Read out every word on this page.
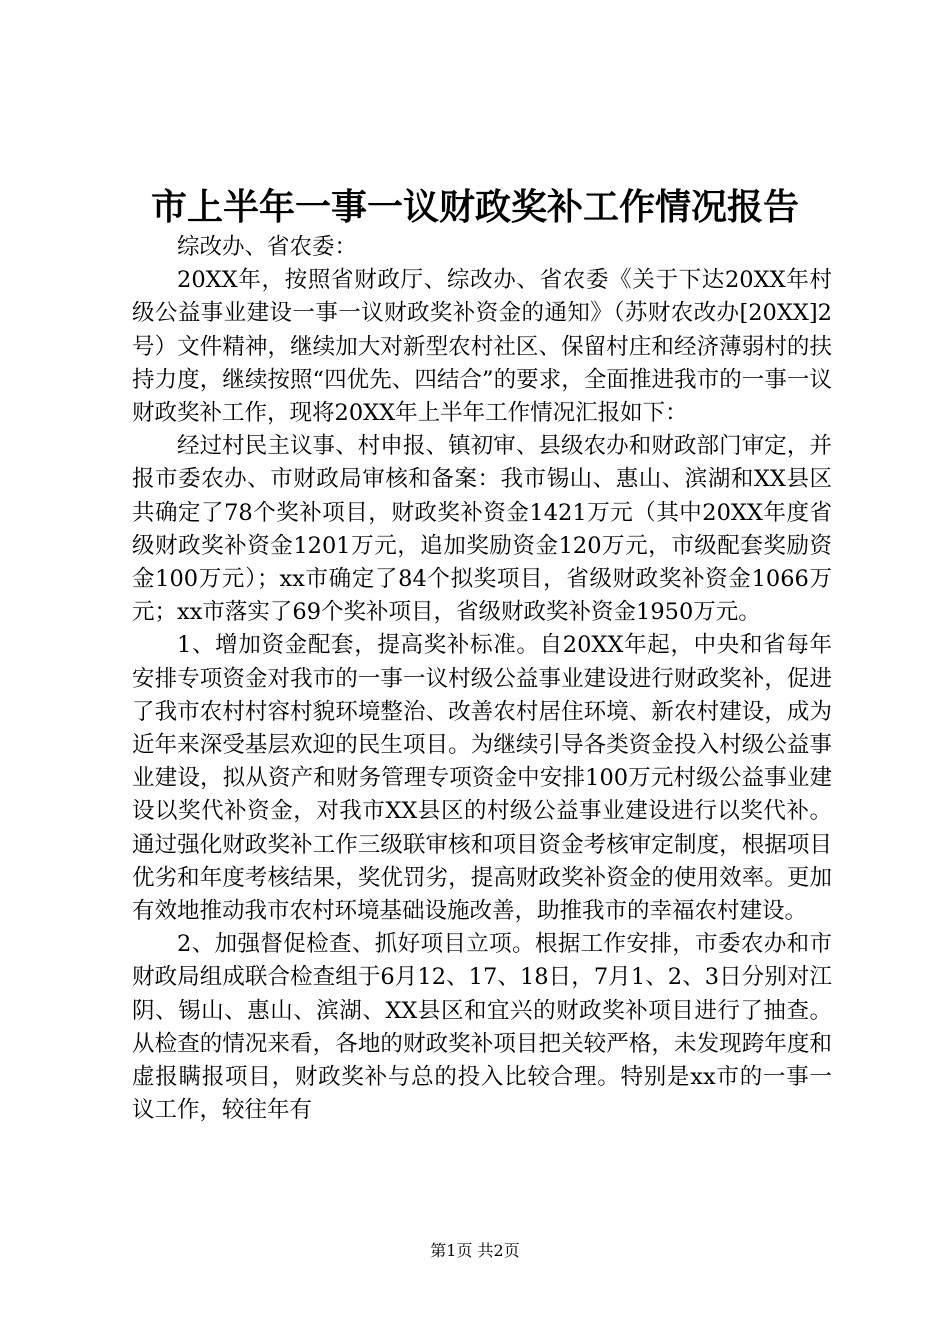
市上半年一事一议财政奖补工作情况报告

综改办、省农委：

20XX年，按照省财政厅、综改办、省农委《关于下达20XX年村级公益事业建设一事一议财政奖补资金的通知》（苏财农改办[20XX]2号）文件精神，继续加大对新型农村社区、保留村庄和经济薄弱村的扶持力度，继续按照“四优先、四结合”的要求，全面推进我市的一事一议财政奖补工作，现将20XX年上半年工作情况汇报如下：

经过村民主议事、村申报、镇初审、县级农办和财政部门审定，并报市委农办、市财政局审核和备案：我市锡山、惠山、滨湖和XX县区共确定了78个奖补项目，财政奖补资金1421万元（其中20XX年度省级财政奖补资金1201万元，追加奖励资金120万元，市级配套奖励资金100万元）；xx市确定了84个拟奖项目，省级财政奖补资金1066万元；xx市落实了69个奖补项目，省级财政奖补资金1950万元。

1、增加资金配套，提高奖补标准。自20XX年起，中央和省每年安排专项资金对我市的一事一议村级公益事业建设进行财政奖补，促进了我市农村村容村貌环境整治、改善农村居住环境、新农村建设，成为近年来深受基层欢迎的民生项目。为继续引导各类资金投入村级公益事业建设，拟从资产和财务管理专项资金中安排100万元村级公益事业建设以奖代补资金，对我市XX县区的村级公益事业建设进行以奖代补。通过强化财政奖补工作三级联审核和项目资金考核审定制度，根据项目优劣和年度考核结果，奖优罚劣，提高财政奖补资金的使用效率。更加有效地推动我市农村环境基础设施改善，助推我市的幸福农村建设。

2、加强督促检查、抓好项目立项。根据工作安排，市委农办和市财政局组成联合检查组于6月12、17、18日，7月1、2、3日分别对江阴、锡山、惠山、滨湖、XX县区和宜兴的财政奖补项目进行了抽查。从检查的情况来看，各地的财政奖补项目把关较严格，未发现跨年度和虚报瞒报项目，财政奖补与总的投入比较合理。特别是xx市的一事一议工作，较往年有

第1页 共2页
